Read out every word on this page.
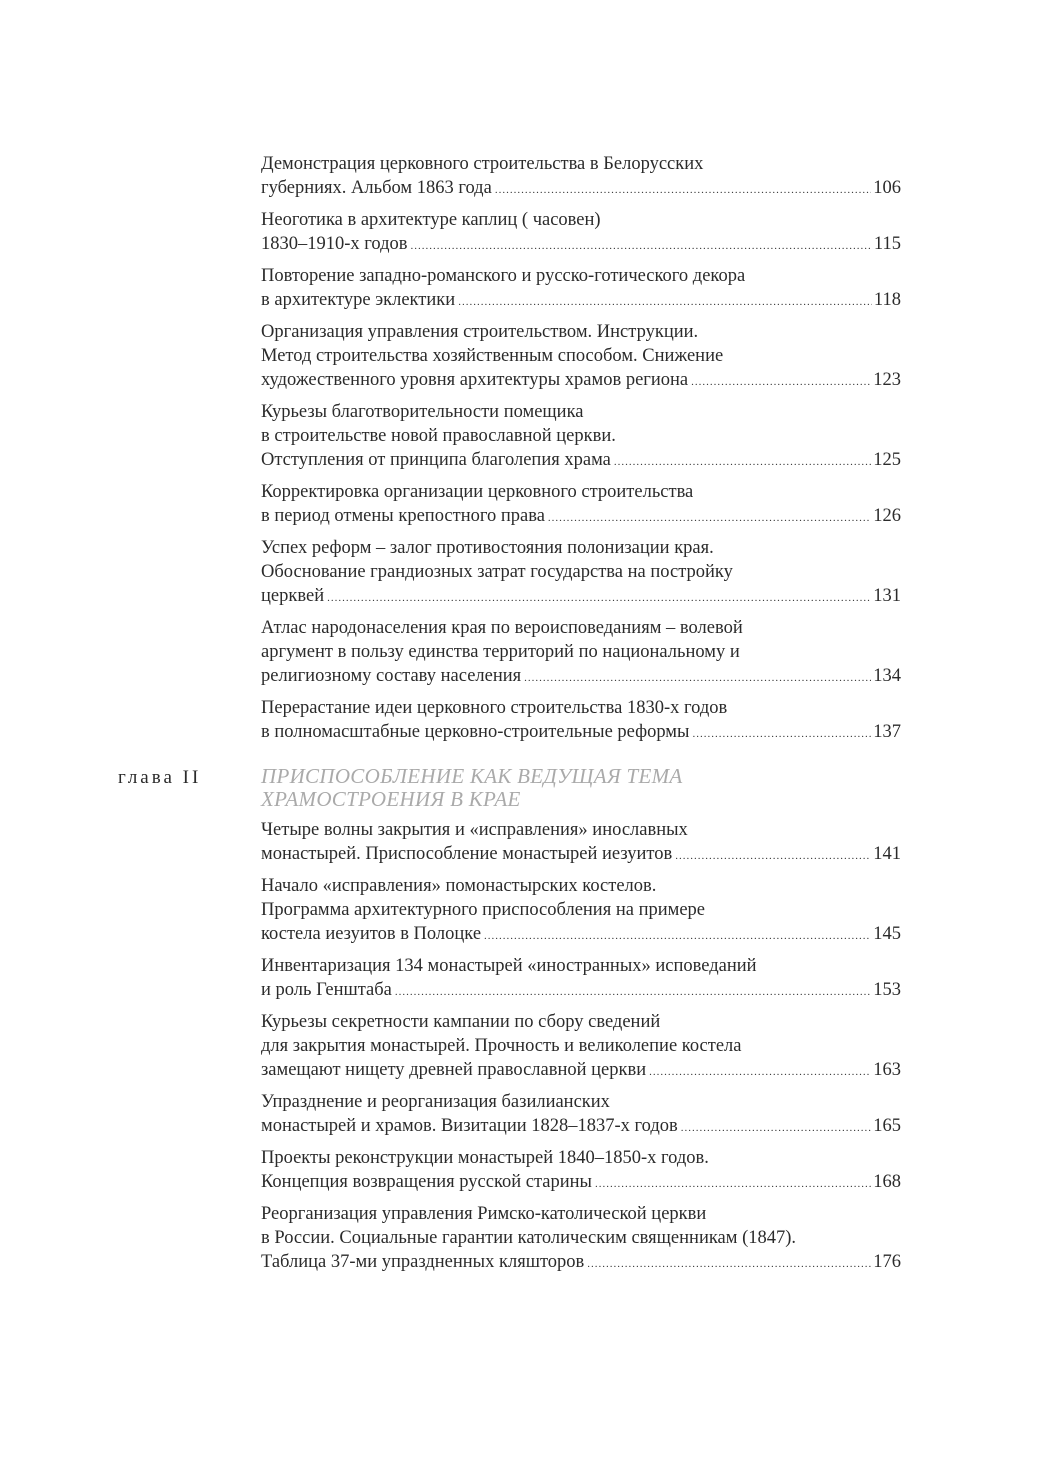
Демонстрация церковного строительства в Белорусских
губерниях. Альбом 1863 года .....	106
Неоготика в архитектуре каплиц ( часовен)
1830–1910-х годов .....	115
Повторение западно-романского и русско-готического декора
в архитектуре эклектики .....	118
Организация управления строительством. Инструкции.
Метод строительства хозяйственным способом. Снижение
художественного уровня архитектуры храмов региона .....	123
Курьезы благотворительности помещика
в строительстве новой православной церкви.
Отступления от принципа благолепия храма .....	125
Корректировка организации церковного строительства
в период отмены крепостного права .....	126
Успех реформ – залог противостояния полонизации края.
Обоснование грандиозных затрат государства на постройку
церквей .....	131
Атлас народонаселения края по вероисповеданиям – волевой
аргумент в пользу единства территорий по национальному и
религиозному составу населения .....	134
Перерастание идеи церковного строительства 1830-х годов
в полномасштабные церковно-строительные реформы .....	137
глава II	ПРИСПОСОБЛЕНИЕ КАК ВЕДУЩАЯ ТЕМА
ХРАМОСТРОЕНИЯ В КРАЕ
Четыре волны закрытия и «исправления» инославных
монастырей. Приспособление монастырей иезуитов .....	141
Начало «исправления» помонастырских костелов.
Программа архитектурного приспособления на примере
костела иезуитов в Полоцке .....	145
Инвентаризация 134 монастырей «иностранных» исповеданий
и роль Генштаба .....	153
Курьезы секретности кампании по сбору сведений
для закрытия монастырей. Прочность и великолепие костела
замещают нищету древней православной церкви .....	163
Упразднение и реорганизация базилианских
монастырей и храмов. Визитации 1828–1837-х годов .....	165
Проекты реконструкции монастырей 1840–1850-х годов.
Концепция возвращения русской старины .....	168
Реорганизация управления Римско-католической церкви
в России. Социальные гарантии католическим священникам (1847).
Таблица 37-ми упраздненных кляшторов .....	176
